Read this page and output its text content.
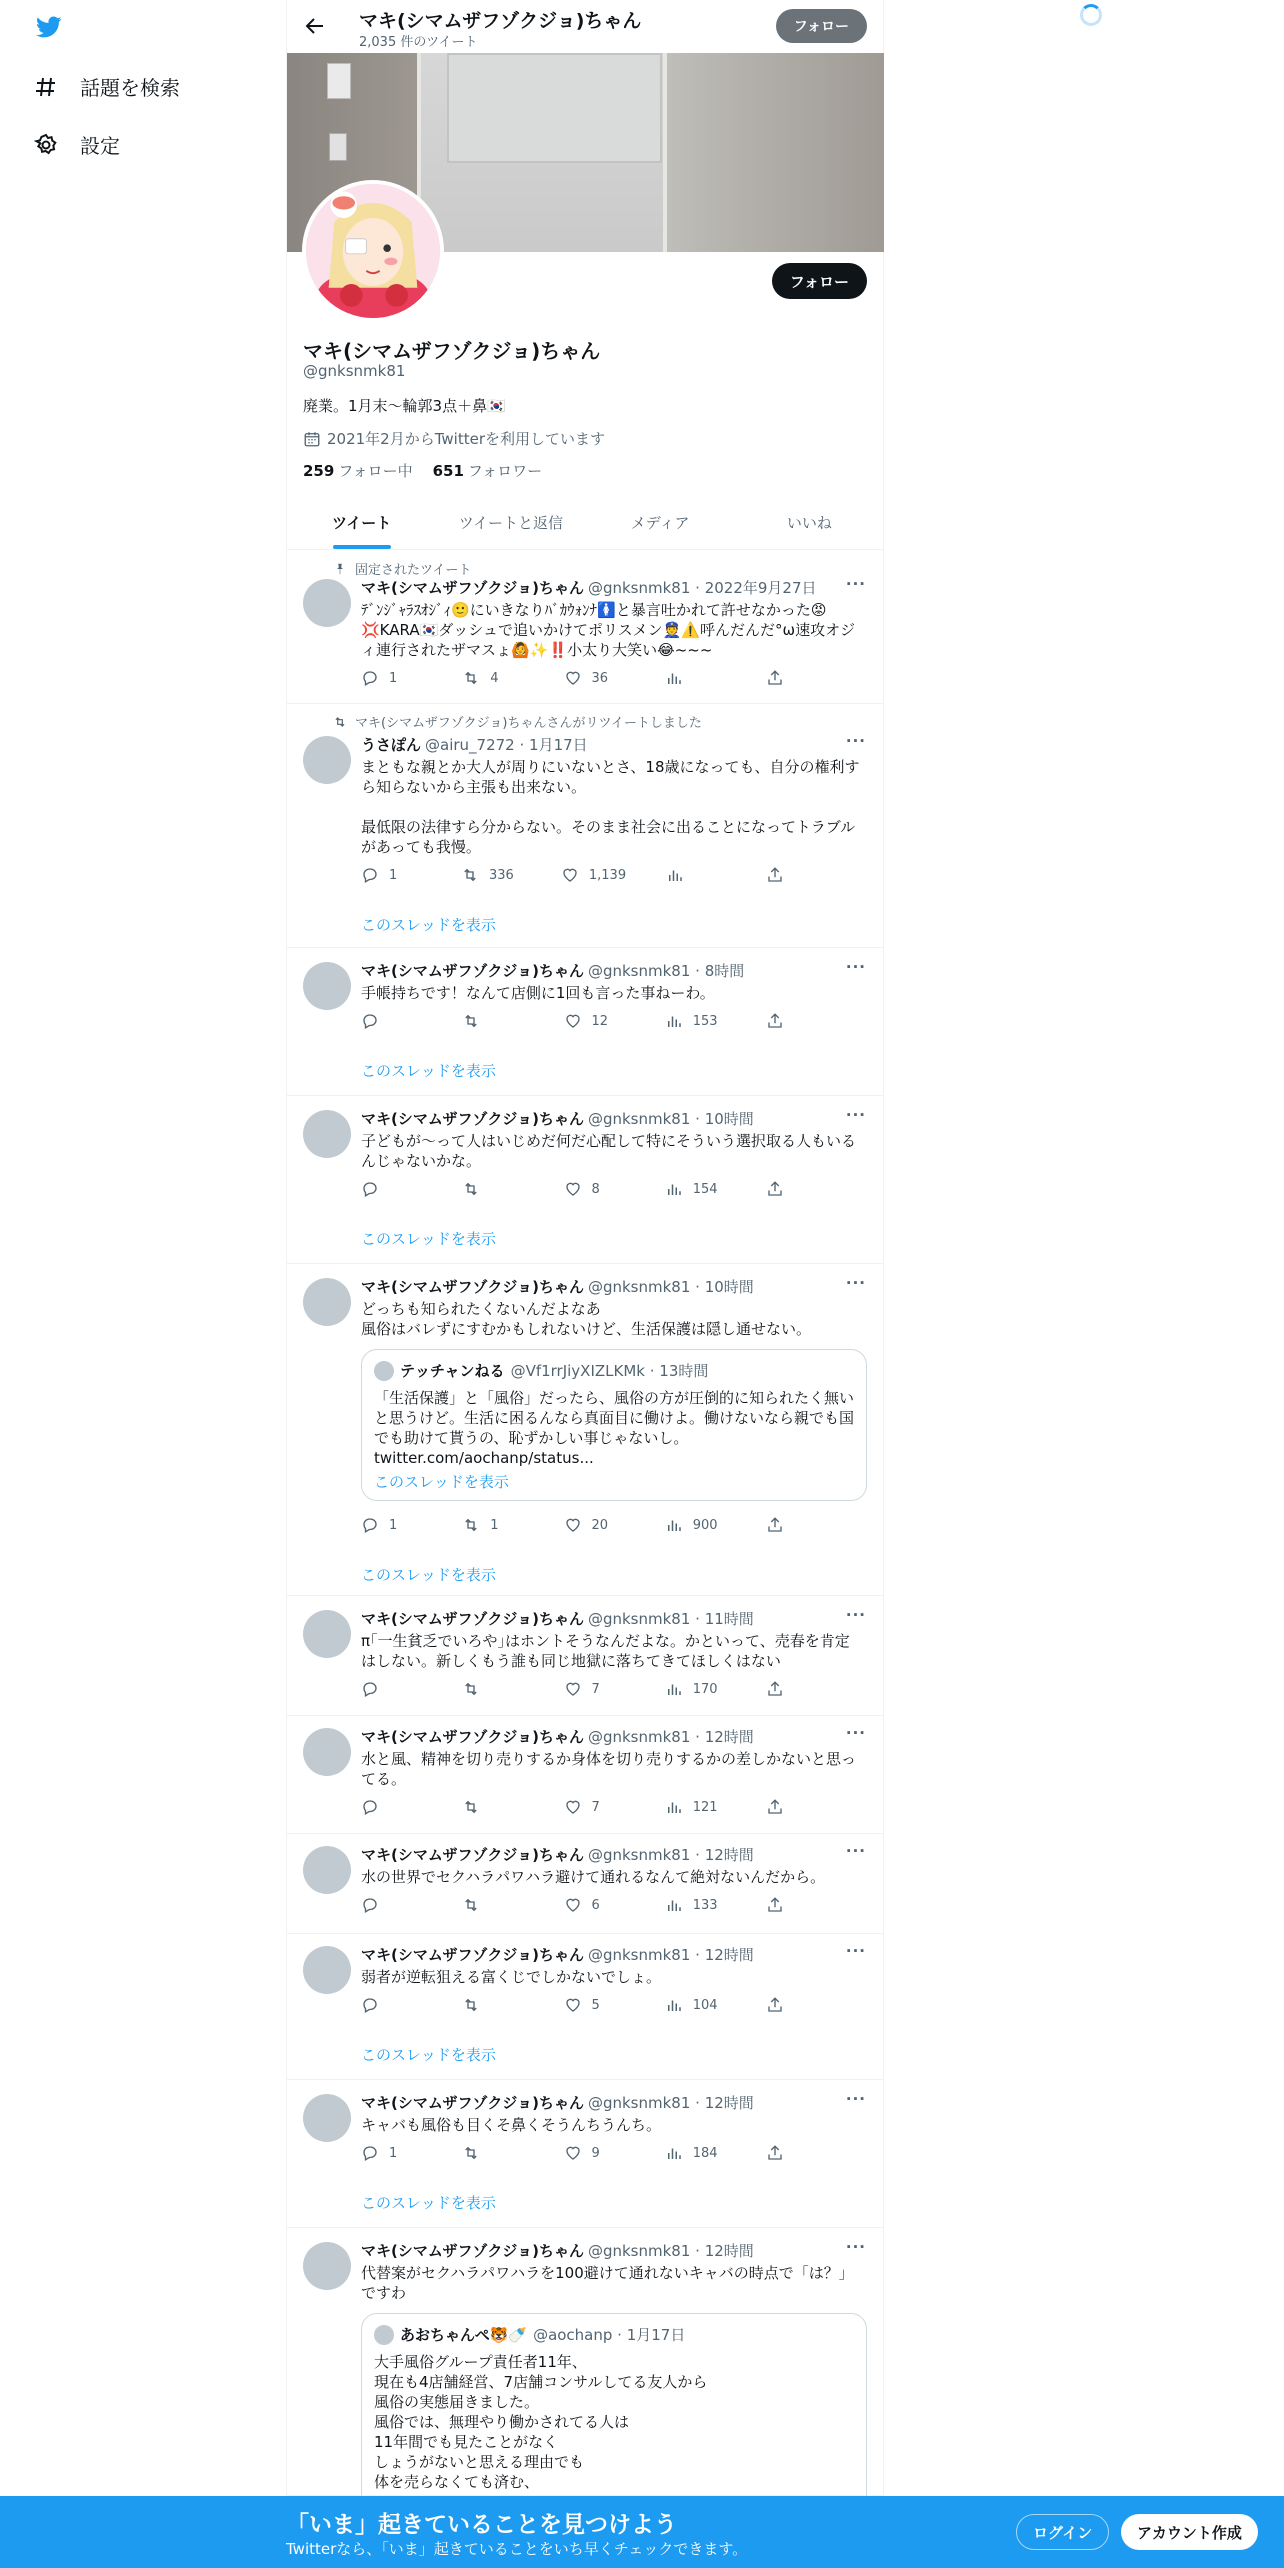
話題を検索
設定
マキ(シマムザフゾクジョ)ちゃん
2,035 件のツイート
フォロー
フォロー
マキ(シマムザフゾクジョ)ちゃん
@gnksnmk81
廃業。1月末～輪郭3点＋鼻🇰🇷
2021年2月からTwitterを利用しています
259 フォロー中 651 フォロワー
ツイート	ツイートと返信	メディア	いいね
固定されたツイート
マキ(シマムザフゾクジョ)ちゃん @gnksnmk81 · 2022年9月27日 ···
ﾃﾞﾝｼﾞｬﾗｽｵｼﾞｨ🙂にいきなりﾊﾞｶｳｫﾝﾅ🚺と暴言吐かれて許せなかった😡💢KARA🇰🇷ダッシュで追いかけてポリスメン👮⚠️呼んだんだ°ω速攻オジィ連行されたザマスょ🙆✨‼️小太り大笑い😂~~~
1	4	36
マキ(シマムザフゾクジョ)ちゃんさんがリツイートしました
うさぽん @airu_7272 · 1月17日	···
まともな親とか大人が周りにいないとさ、18歳になっても、自分の権利すら知らないから主張も出来ない。

最低限の法律すら分からない。そのまま社会に出ることになってトラブルがあっても我慢。
1	336	1,139
このスレッドを表示
マキ(シマムザフゾクジョ)ちゃん @gnksnmk81 · 8時間	···
手帳持ちです！なんて店側に1回も言った事ねーわ。
12	153
このスレッドを表示
マキ(シマムザフゾクジョ)ちゃん @gnksnmk81 · 10時間	···
子どもが～って人はいじめだ何だ心配して特にそういう選択取る人もいるんじゃないかな。
8	154
このスレッドを表示
マキ(シマムザフゾクジョ)ちゃん @gnksnmk81 · 10時間	···
どっちも知られたくないんだよなあ
風俗はバレずにすむかもしれないけど、生活保護は隠し通せない。
テッチャンねる @Vf1rrJiyXIZLKMk · 13時間
「生活保護」と「風俗」だったら、風俗の方が圧倒的に知られたく無いと思うけど。生活に困るんなら真面目に働けよ。働けないなら親でも国でも助けて貰うの、恥ずかしい事じゃないし。
twitter.com/aochanp/status...
このスレッドを表示
1	1	20	900
このスレッドを表示
マキ(シマムザフゾクジョ)ちゃん @gnksnmk81 · 11時間	···
π｢一生貧乏でいろや｣はホントそうなんだよな。かといって、売春を肯定はしない。新しくもう誰も同じ地獄に落ちてきてほしくはない
7	170
マキ(シマムザフゾクジョ)ちゃん @gnksnmk81 · 12時間	···
水と風、精神を切り売りするか身体を切り売りするかの差しかないと思ってる。
7	121
マキ(シマムザフゾクジョ)ちゃん @gnksnmk81 · 12時間	···
水の世界でセクハラパワハラ避けて通れるなんて絶対ないんだから。
6	133
マキ(シマムザフゾクジョ)ちゃん @gnksnmk81 · 12時間	···
弱者が逆転狙える富くじでしかないでしょ。
5	104
このスレッドを表示
マキ(シマムザフゾクジョ)ちゃん @gnksnmk81 · 12時間	···
キャバも風俗も目くそ鼻くそうんちうんち。
1	9	184
このスレッドを表示
マキ(シマムザフゾクジョ)ちゃん @gnksnmk81 · 12時間	···
代替案がセクハラパワハラを100避けて通れないキャバの時点で「は？」ですわ
あおちゃんぺ🐯🍼 @aochanp · 1月17日
大手風俗グループ責任者11年、
現在も4店舗経営、7店舗コンサルしてる友人から
風俗の実態届きました。
風俗では、無理やり働かされてる人は
11年間でも見たことがなく
しょうがないと思える理由でも
体を売らなくても済む、

「いま」起きていることを見つけよう
Twitterなら、「いま」起きていることをいち早くチェックできます。
ログイン	アカウント作成
